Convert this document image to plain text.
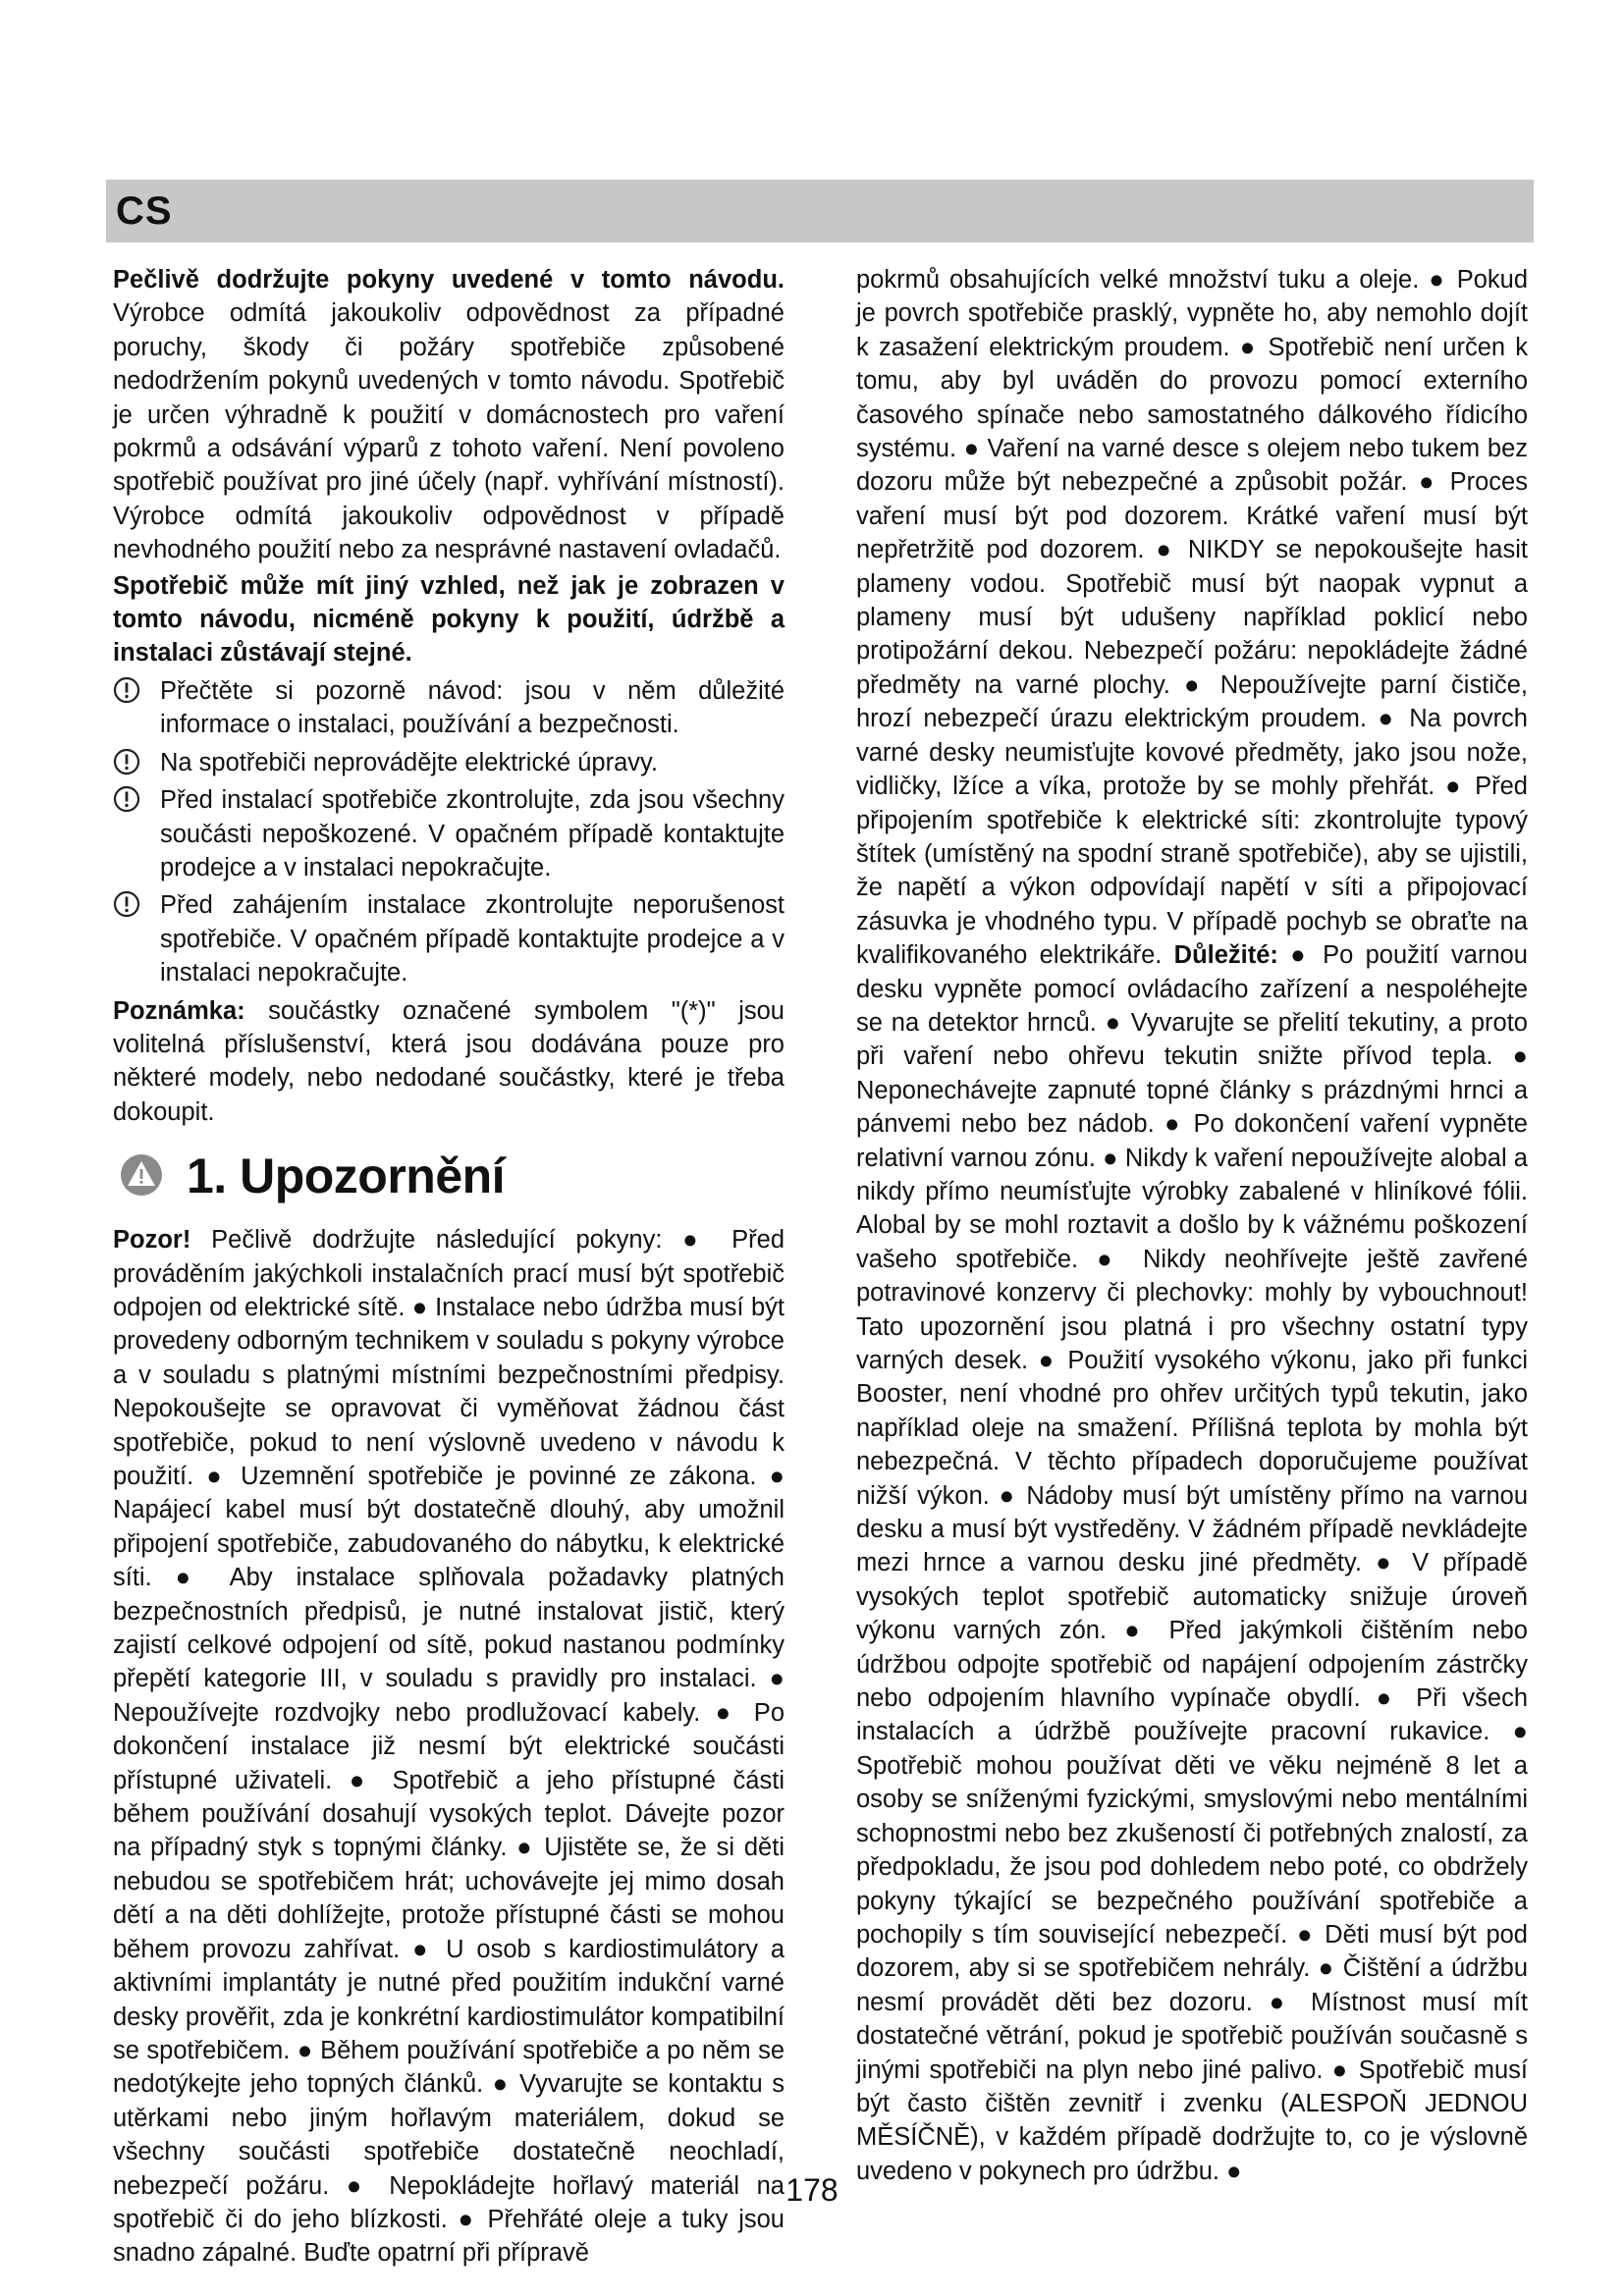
CS

Pečlivě dodržujte pokyny uvedené v tomto návodu. Výrobce odmítá jakoukoliv odpovědnost za případné poruchy, škody či požáry spotřebiče způsobené nedodržením pokynů uvedených v tomto návodu. Spotřebič je určen výhradně k použití v domácnostech pro vaření pokrmů a odsávání výparů z tohoto vaření. Není povoleno spotřebič používat pro jiné účely (např. vyhřívání místností). Výrobce odmítá jakoukoliv odpovědnost v případě nevhodného použití nebo za nesprávné nastavení ovladačů.

Spotřebič může mít jiný vzhled, než jak je zobrazen v tomto návodu, nicméně pokyny k použití, údržbě a instalaci zůstávají stejné.

Přečtěte si pozorně návod: jsou v něm důležité informace o instalaci, používání a bezpečnosti.
Na spotřebiči neprovádějte elektrické úpravy.
Před instalací spotřebiče zkontrolujte, zda jsou všechny součásti nepoškozené. V opačném případě kontaktujte prodejce a v instalaci nepokračujte.
Před zahájením instalace zkontrolujte neporušenost spotřebiče. V opačném případě kontaktujte prodejce a v instalaci nepokračujte.

Poznámka: součástky označené symbolem "(*)" jsou volitelná příslušenství, která jsou dodávána pouze pro některé modely, nebo nedodané součástky, které je třeba dokoupit.

1. Upozornění

Pozor! Pečlivě dodržujte následující pokyny: ● Před prováděním jakýchkoli instalačních prací musí být spotřebič odpojen od elektrické sítě. ● Instalace nebo údržba musí být provedeny odborným technikem v souladu s pokyny výrobce a v souladu s platnými místními bezpečnostními předpisy. Nepokoušejte se opravovat či vyměňovat žádnou část spotřebiče, pokud to není výslovně uvedeno v návodu k použití. ● Uzemnění spotřebiče je povinné ze zákona. ● Napájecí kabel musí být dostatečně dlouhý, aby umožnil připojení spotřebiče, zabudovaného do nábytku, k elektrické síti. ● Aby instalace splňovala požadavky platných bezpečnostních předpisů, je nutné instalovat jistič, který zajistí celkové odpojení od sítě, pokud nastanou podmínky přepětí kategorie III, v souladu s pravidly pro instalaci. ● Nepoužívejte rozdvojky nebo prodlužovací kabely. ● Po dokončení instalace již nesmí být elektrické součásti přístupné uživateli. ● Spotřebič a jeho přístupné části během používání dosahují vysokých teplot. Dávejte pozor na případný styk s topnými články. ● Ujistěte se, že si děti nebudou se spotřebičem hrát; uchovávejte jej mimo dosah dětí a na děti dohlížejte, protože přístupné části se mohou během provozu zahřívat. ● U osob s kardiostimulátory a aktivními implantáty je nutné před použitím indukční varné desky prověřit, zda je konkrétní kardiostimulátor kompatibilní se spotřebičem. ● Během používání spotřebiče a po něm se nedotýkejte jeho topných článků. ● Vyvarujte se kontaktu s utěrkami nebo jiným hořlavým materiálem, dokud se všechny součásti spotřebiče dostatečně neochladí, nebezpečí požáru. ● Nepokládejte hořlavý materiál na spotřebič či do jeho blízkosti. ● Přehřáté oleje a tuky jsou snadno zápalné. Buďte opatrní při přípravě

pokrmů obsahujících velké množství tuku a oleje. ● Pokud je povrch spotřebiče prasklý, vypněte ho, aby nemohlo dojít k zasažení elektrickým proudem. ● Spotřebič není určen k tomu, aby byl uváděn do provozu pomocí externího časového spínače nebo samostatného dálkového řídicího systému. ● Vaření na varné desce s olejem nebo tukem bez dozoru může být nebezpečné a způsobit požár. ● Proces vaření musí být pod dozorem. Krátké vaření musí být nepřetržitě pod dozorem. ● NIKDY se nepokoušejte hasit plameny vodou. Spotřebič musí být naopak vypnut a plameny musí být udušeny například poklicí nebo protipožární dekou. Nebezpečí požáru: nepokládejte žádné předměty na varné plochy. ● Nepoužívejte parní čističe, hrozí nebezpečí úrazu elektrickým proudem. ● Na povrch varné desky neumisťujte kovové předměty, jako jsou nože, vidličky, lžíce a víka, protože by se mohly přehřát. ● Před připojením spotřebiče k elektrické síti: zkontrolujte typový štítek (umístěný na spodní straně spotřebiče), aby se ujistili, že napětí a výkon odpovídají napětí v síti a připojovací zásuvka je vhodného typu. V případě pochyb se obraťte na kvalifikovaného elektrikáře. Důležité: ● Po použití varnou desku vypněte pomocí ovládacího zařízení a nespoléhejte se na detektor hrnců. ● Vyvarujte se přelití tekutiny, a proto při vaření nebo ohřevu tekutin snižte přívod tepla. ● Neponechávejte zapnuté topné články s prázdnými hrnci a pánvemi nebo bez nádob. ● Po dokončení vaření vypněte relativní varnou zónu. ● Nikdy k vaření nepoužívejte alobal a nikdy přímo neumísťujte výrobky zabalené v hliníkové fólii. Alobal by se mohl roztavit a došlo by k vážnému poškození vašeho spotřebiče. ● Nikdy neohřívejte ještě zavřené potravinové konzervy či plechovky: mohly by vybouchnout! Tato upozornění jsou platná i pro všechny ostatní typy varných desek. ● Použití vysokého výkonu, jako při funkci Booster, není vhodné pro ohřev určitých typů tekutin, jako například oleje na smažení. Přílišná teplota by mohla být nebezpečná. V těchto případech doporučujeme používat nižší výkon. ● Nádoby musí být umístěny přímo na varnou desku a musí být vystředěny. V žádném případě nevkládejte mezi hrnce a varnou desku jiné předměty. ● V případě vysokých teplot spotřebič automaticky snižuje úroveň výkonu varných zón. ● Před jakýmkoli čištěním nebo údržbou odpojte spotřebič od napájení odpojením zástrčky nebo odpojením hlavního vypínače obydlí. ● Při všech instalacích a údržbě používejte pracovní rukavice. ● Spotřebič mohou používat děti ve věku nejméně 8 let a osoby se sníženými fyzickými, smyslovými nebo mentálními schopnostmi nebo bez zkušeností či potřebných znalostí, za předpokladu, že jsou pod dohledem nebo poté, co obdržely pokyny týkající se bezpečného používání spotřebiče a pochopily s tím související nebezpečí. ● Děti musí být pod dozorem, aby si se spotřebičem nehrály. ● Čištění a údržbu nesmí provádět děti bez dozoru. ● Místnost musí mít dostatečné větrání, pokud je spotřebič používán současně s jinými spotřebiči na plyn nebo jiné palivo. ● Spotřebič musí být často čištěn zevnitř i zvenku (ALESPOŇ JEDNOU MĚSÍČNĚ), v každém případě dodržujte to, co je výslovně uvedeno v pokynech pro údržbu. ●

178
